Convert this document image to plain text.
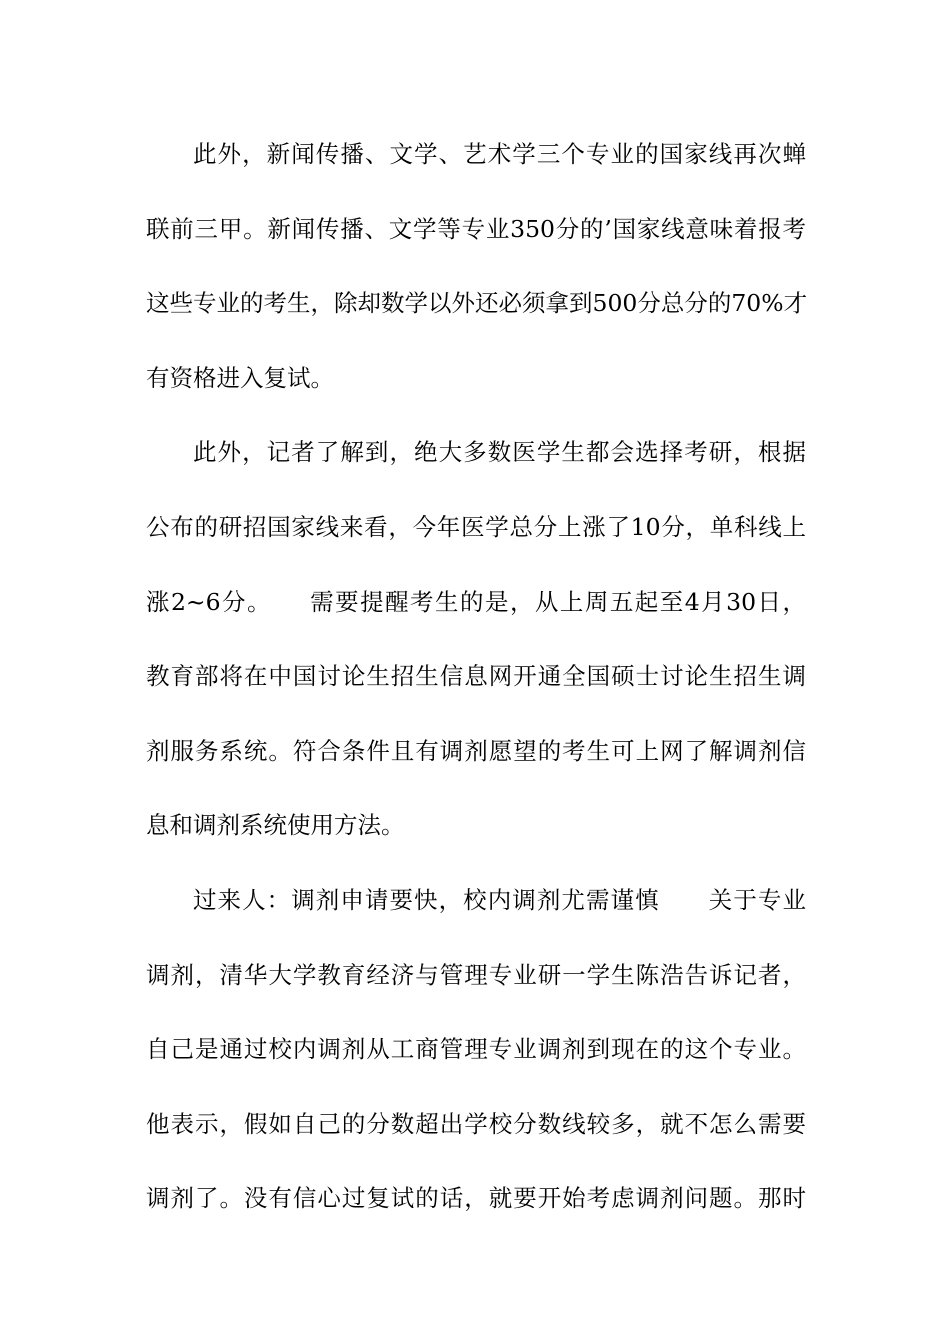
此外，新闻传播、文学、艺术学三个专业的国家线再次蝉
联前三甲。新闻传播、文学等专业350分的’国家线意味着报考
这些专业的考生，除却数学以外还必须拿到500分总分的70%才
有资格进入复试。
此外，记者了解到，绝大多数医学生都会选择考研，根据
公布的研招国家线来看，今年医学总分上涨了10分，单科线上
涨2~6分。　　需要提醒考生的是，从上周五起至4月30日，
教育部将在中国讨论生招生信息网开通全国硕士讨论生招生调
剂服务系统。符合条件且有调剂愿望的考生可上网了解调剂信
息和调剂系统使用方法。
过来人：调剂申请要快，校内调剂尤需谨慎　　关于专业
调剂，清华大学教育经济与管理专业研一学生陈浩告诉记者，
自己是通过校内调剂从工商管理专业调剂到现在的这个专业。
他表示，假如自己的分数超出学校分数线较多，就不怎么需要
调剂了。没有信心过复试的话，就要开始考虑调剂问题。那时
